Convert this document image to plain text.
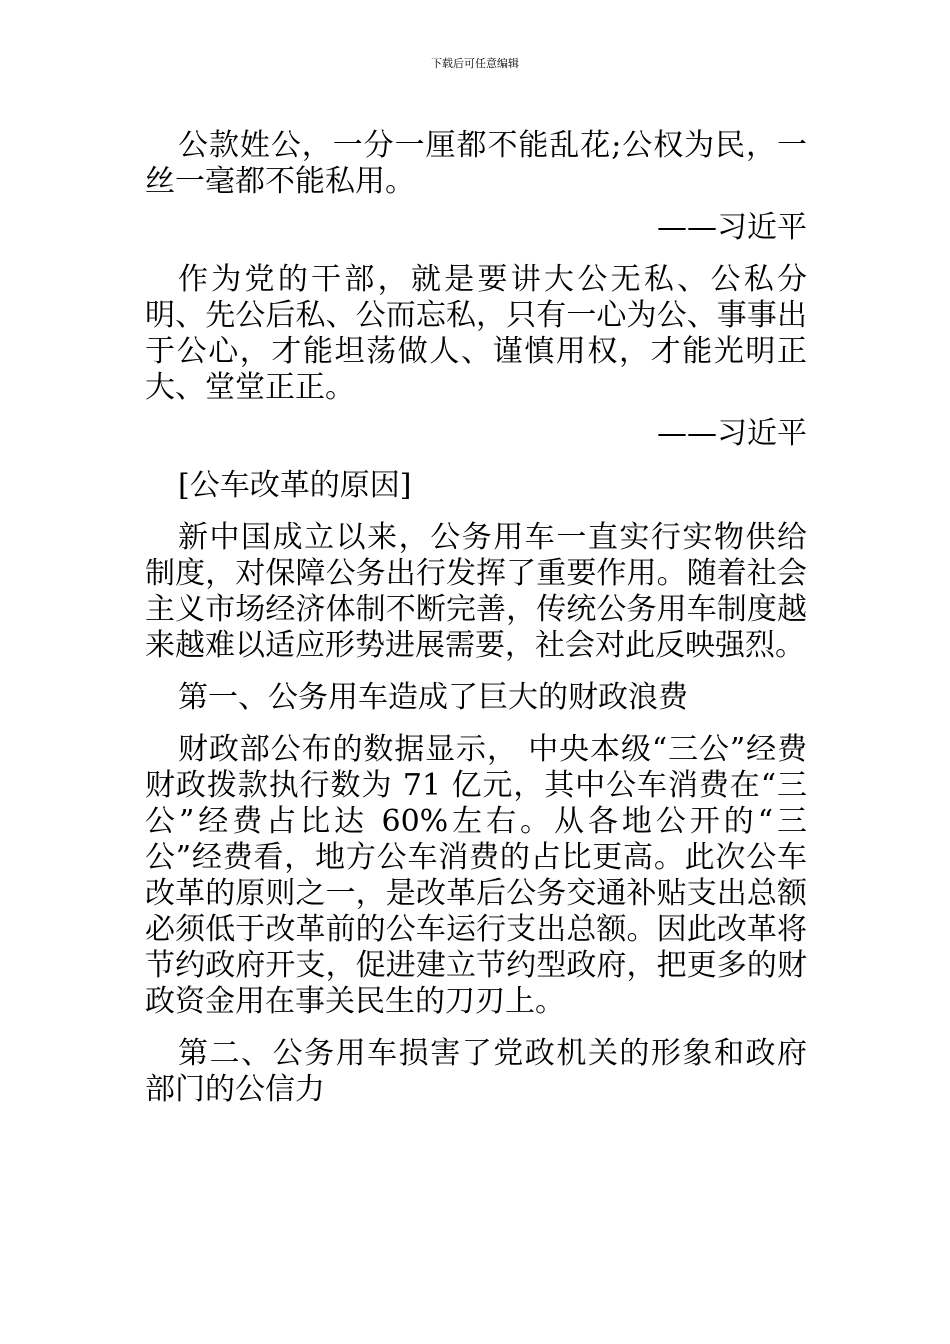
下载后可任意编辑

公款姓公，一分一厘都不能乱花;公权为民，一丝一毫都不能私用。

——习近平

作为党的干部，就是要讲大公无私、公私分明、先公后私、公而忘私，只有一心为公、事事出于公心，才能坦荡做人、谨慎用权，才能光明正大、堂堂正正。

——习近平

[公车改革的原因]

新中国成立以来，公务用车一直实行实物供给制度，对保障公务出行发挥了重要作用。随着社会主义市场经济体制不断完善，传统公务用车制度越来越难以适应形势进展需要，社会对此反映强烈。

第一、公务用车造成了巨大的财政浪费

财政部公布的数据显示， 中央本级“三公”经费财政拨款执行数为 71 亿元，其中公车消费在“三公”经费占比达 60%左右。从各地公开的“三公”经费看，地方公车消费的占比更高。此次公车改革的原则之一，是改革后公务交通补贴支出总额必须低于改革前的公车运行支出总额。因此改革将节约政府开支，促进建立节约型政府，把更多的财政资金用在事关民生的刀刃上。

第二、公务用车损害了党政机关的形象和政府部门的公信力
